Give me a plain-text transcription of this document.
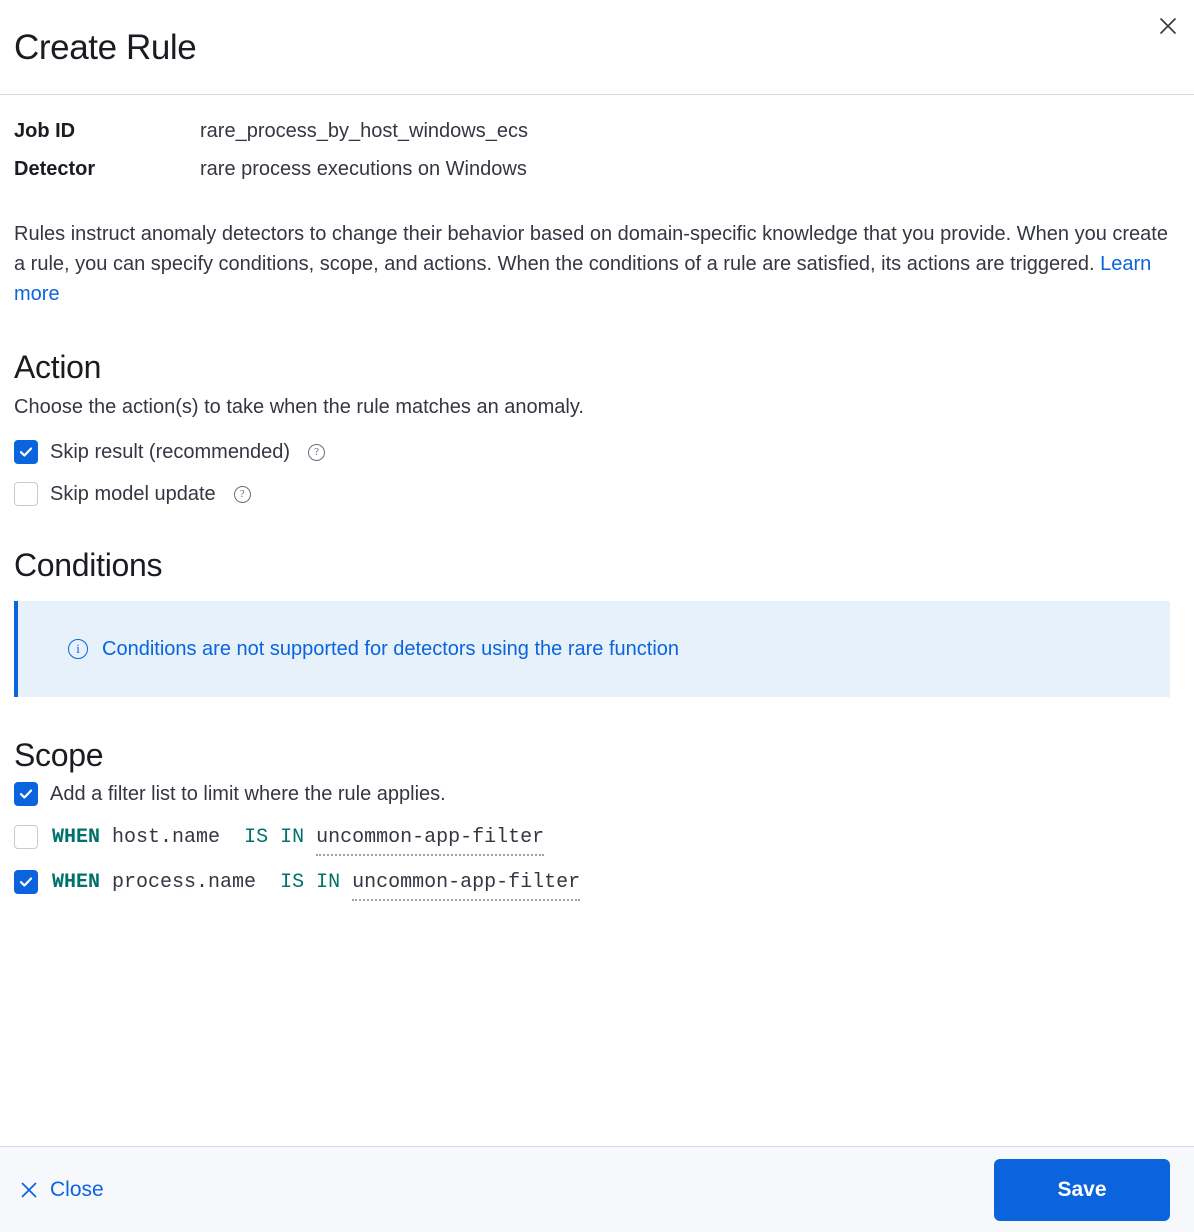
Create Rule
Job ID	rare_process_by_host_windows_ecs
Detector	rare process executions on Windows

Rules instruct anomaly detectors to change their behavior based on domain-specific knowledge that you provide. When you create a rule, you can specify conditions, scope, and actions. When the conditions of a rule are satisfied, its actions are triggered. Learn more

Action
Choose the action(s) to take when the rule matches an anomaly.
Skip result (recommended)	?
Skip model update	?
Conditions
i	Conditions are not supported for detectors using the rare function
Scope
Add a filter list to limit where the rule applies.
WHEN
host.name
IS IN
uncommon-app-filter
WHEN
process.name
IS IN
uncommon-app-filter
Close	Save
